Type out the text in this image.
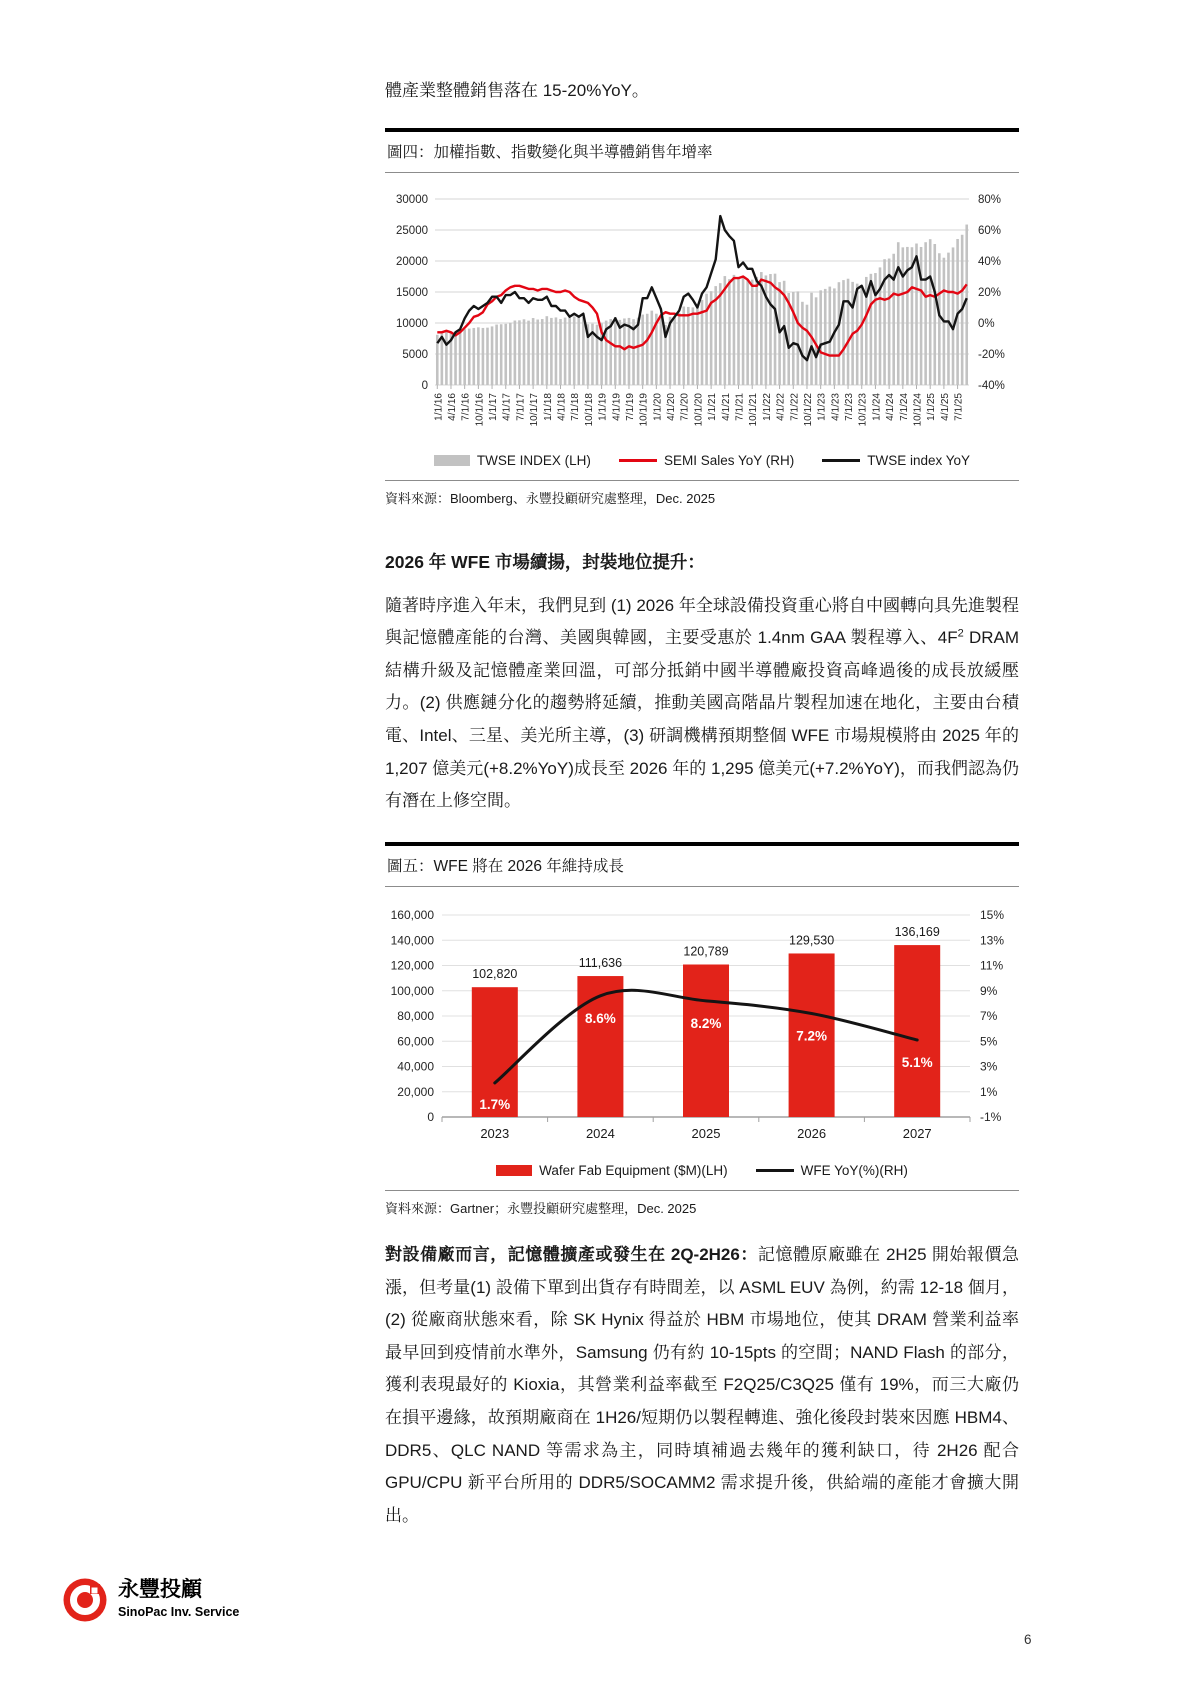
體產業整體銷售落在 15-20%YoY。

圖四：加權指數、指數變化與半導體銷售年增率
0	-40%
5000	-20%
10000	0%
15000	20%
20000	40%
25000	60%
30000	80%
1/1/16 4/1/16 7/1/16 10/1/16 1/1/17 4/1/17 7/1/17 10/1/17 1/1/18 4/1/18 7/1/18 10/1/18 1/1/19 4/1/19 7/1/19 10/1/19 1/1/20 4/1/20 7/1/20 10/1/20 1/1/21 4/1/21 7/1/21 10/1/21 1/1/22 4/1/22 7/1/22 10/1/22 1/1/23 4/1/23 7/1/23 10/1/23 1/1/24 4/1/24 7/1/24 10/1/24 1/1/25 4/1/25 7/1/25
TWSE INDEX (LH)	SEMI Sales YoY (RH)	TWSE index YoY
資料來源：Bloomberg、永豐投顧研究處整理，Dec. 2025
2026 年 WFE 市場續揚，封裝地位提升：

隨著時序進入年末，我們見到 (1) 2026 年全球設備投資重心將自中國轉向具先進製程與記憶體產能的台灣、美國與韓國，主要受惠於 1.4nm GAA 製程導入、$4F^2$ DRAM 結構升級及記憶體產業回溫，可部分抵銷中國半導體廠投資高峰過後的成長放緩壓力。(2) 供應鏈分化的趨勢將延續，推動美國高階晶片製程加速在地化，主要由台積電、Intel、三星、美光所主導，(3) 研調機構預期整個 WFE 市場規模將由 2025 年的 1,207 億美元(+8.2%YoY)成長至 2026 年的 1,295 億美元(+7.2%YoY)，而我們認為仍有潛在上修空間。

圖五：WFE 將在 2026 年維持成長
0	-1%
20,000	1%
40,000	3%
60,000	5%
80,000	7%
100,000	9%
120,000	11%
140,000	13%
160,000	15%
102,820
111,636
120,789
129,530
136,169
1.7%
8.6%	8.2%
7.2%
5.1%
2023	2024	2025	2026	2027
Wafer Fab Equipment ($M)(LH)	WFE YoY(%)(RH)
資料來源：Gartner；永豐投顧研究處整理，Dec. 2025

對設備廠而言，記憶體擴產或發生在 2Q-2H26：記憶體原廠雖在 2H25 開始報價急漲，但考量(1) 設備下單到出貨存有時間差，以 ASML EUV 為例，約需 12-18 個月，(2) 從廠商狀態來看，除 SK Hynix 得益於 HBM 市場地位，使其 DRAM 營業利益率最早回到疫情前水準外，Samsung 仍有約 10-15pts 的空間；NAND Flash 的部分，獲利表現最好的 Kioxia，其營業利益率截至 F2Q25/C3Q25 僅有 19%，而三大廠仍在損平邊緣，故預期廠商在 1H26/短期仍以製程轉進、強化後段封裝來因應 HBM4、DDR5、QLC NAND 等需求為主，同時填補過去幾年的獲利缺口，待 2H26 配合 GPU/CPU 新平台所用的 DDR5/SOCAMM2 需求提升後，供給端的產能才會擴大開出。

永豐投顧
SinoPac Inv. Service
6
